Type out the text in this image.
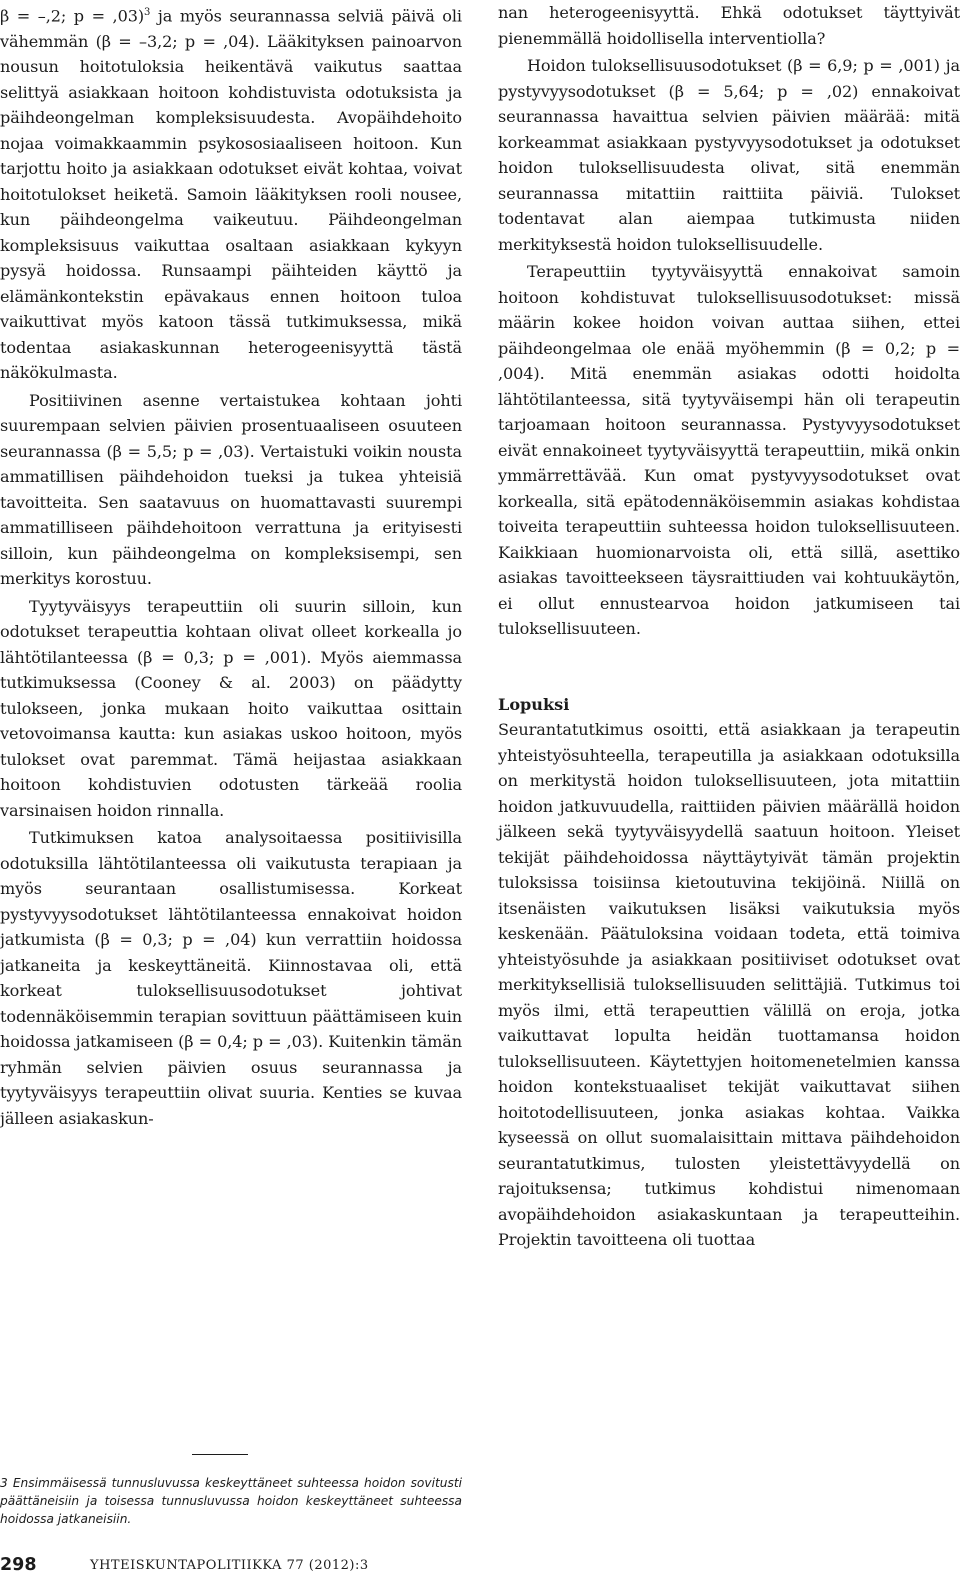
β = –,2; p = ,03)$^3$ ja myös seurannassa selviä päivä oli vähemmän (β = –3,2; p = ,04). Lääkityksen painoarvon nousun hoitotuloksia heikentävä vaikutus saattaa selittyä asiakkaan hoitoon kohdistuvista odotuksista ja päihdeongelman kompleksisuudesta. Avopäihdehoito nojaa voimakkaammin psykososiaaliseen hoitoon. Kun tarjottu hoito ja asiakkaan odotukset eivät kohtaa, voivat hoitotulokset heiketä. Samoin lääkityksen rooli nousee, kun päihdeongelma vaikeutuu. Päihdeongelman kompleksisuus vaikuttaa osaltaan asiakkaan kykyyn pysyä hoidossa. Runsaampi päihteiden käyttö ja elämänkontekstin epävakaus ennen hoitoon tuloa vaikuttivat myös katoon tässä tutkimuksessa, mikä todentaa asiakaskunnan heterogeenisyyttä tästä näkökulmasta.

Positiivinen asenne vertaistukea kohtaan johti suurempaan selvien päivien prosentuaaliseen osuuteen seurannassa (β = 5,5; p = ,03). Vertaistuki voikin nousta ammatillisen päihdehoidon tueksi ja tukea yhteisiä tavoitteita. Sen saatavuus on huomattavasti suurempi ammatilliseen päihdehoitoon verrattuna ja erityisesti silloin, kun päihdeongelma on kompleksisempi, sen merkitys korostuu.

Tyytyväisyys terapeuttiin oli suurin silloin, kun odotukset terapeuttia kohtaan olivat olleet korkealla jo lähtötilanteessa (β = 0,3; p = ,001). Myös aiemmassa tutkimuksessa (Cooney & al. 2003) on päädytty tulokseen, jonka mukaan hoito vaikuttaa osittain vetovoimansa kautta: kun asiakas uskoo hoitoon, myös tulokset ovat paremmat. Tämä heijastaa asiakkaan hoitoon kohdistuvien odotusten tärkeää roolia varsinaisen hoidon rinnalla.

Tutkimuksen katoa analysoitaessa positiivisilla odotuksilla lähtötilanteessa oli vaikutusta terapiaan ja myös seurantaan osallistumisessa. Korkeat pystyvyysodotukset lähtötilanteessa ennakoivat hoidon jatkumista (β = 0,3; p = ,04) kun verrattiin hoidossa jatkaneita ja keskeyttäneitä. Kiinnostavaa oli, että korkeat tuloksellisuusodotukset johtivat todennäköisemmin terapian sovittuun päättämiseen kuin hoidossa jatkamiseen (β = 0,4; p = ,03). Kuitenkin tämän ryhmän selvien päivien osuus seurannassa ja tyytyväisyys terapeuttiin olivat suuria. Kenties se kuvaa jälleen asiakaskun-

nan heterogeenisyyttä. Ehkä odotukset täyttyivät pienemmällä hoidollisella interventiolla?

Hoidon tuloksellisuusodotukset (β = 6,9; p = ,001) ja pystyvyysodotukset (β = 5,64; p = ,02) ennakoivat seurannassa havaittua selvien päivien määrää: mitä korkeammat asiakkaan pystyvyysodotukset ja odotukset hoidon tuloksellisuudesta olivat, sitä enemmän seurannassa mitattiin raittiita päiviä. Tulokset todentavat alan aiempaa tutkimusta niiden merkityksestä hoidon tuloksellisuudelle.

Terapeuttiin tyytyväisyyttä ennakoivat samoin hoitoon kohdistuvat tuloksellisuusodotukset: missä määrin kokee hoidon voivan auttaa siihen, ettei päihdeongelmaa ole enää myöhemmin (β = 0,2; p = ,004). Mitä enemmän asiakas odotti hoidolta lähtötilanteessa, sitä tyytyväisempi hän oli terapeutin tarjoamaan hoitoon seurannassa. Pystyvyysodotukset eivät ennakoineet tyytyväisyyttä terapeuttiin, mikä onkin ymmärrettävää. Kun omat pystyvyysodotukset ovat korkealla, sitä epätodennäköisemmin asiakas kohdistaa toiveita terapeuttiin suhteessa hoidon tuloksellisuuteen. Kaikkiaan huomionarvoista oli, että sillä, asettiko asiakas tavoitteekseen täysraittiuden vai kohtuukäytön, ei ollut ennustearvoa hoidon jatkumiseen tai tuloksellisuuteen.

Lopuksi

Seurantatutkimus osoitti, että asiakkaan ja terapeutin yhteistyösuhteella, terapeutilla ja asiakkaan odotuksilla on merkitystä hoidon tuloksellisuuteen, jota mitattiin hoidon jatkuvuudella, raittiiden päivien määrällä hoidon jälkeen sekä tyytyväisyydellä saatuun hoitoon. Yleiset tekijät päihdehoidossa näyttäytyivät tämän projektin tuloksissa toisiinsa kietoutuvina tekijöinä. Niillä on itsenäisten vaikutuksen lisäksi vaikutuksia myös keskenään. Päätuloksina voidaan todeta, että toimiva yhteistyösuhde ja asiakkaan positiiviset odotukset ovat merkityksellisiä tuloksellisuuden selittäjiä. Tutkimus toi myös ilmi, että terapeuttien välillä on eroja, jotka vaikuttavat lopulta heidän tuottamansa hoidon tuloksellisuuteen. Käytettyjen hoitomenetelmien kanssa hoidon kontekstuaaliset tekijät vaikuttavat siihen hoitotodellisuuteen, jonka asiakas kohtaa. Vaikka kyseessä on ollut suomalaisittain mittava päihdehoidon seurantatutkimus, tulosten yleistettävyydellä on rajoituksensa; tutkimus kohdistui nimenomaan avopäihdehoidon asiakaskuntaan ja terapeutteihin. Projektin tavoitteena oli tuottaa

3 Ensimmäisessä tunnusluvussa keskeyttäneet suhteessa hoidon sovitusti päättäneisiin ja toisessa tunnusluvussa hoidon keskeyttäneet suhteessa hoidossa jatkaneisiin.

298	YHTEISKUNTAPOLITIIKKA 77 (2012):3
